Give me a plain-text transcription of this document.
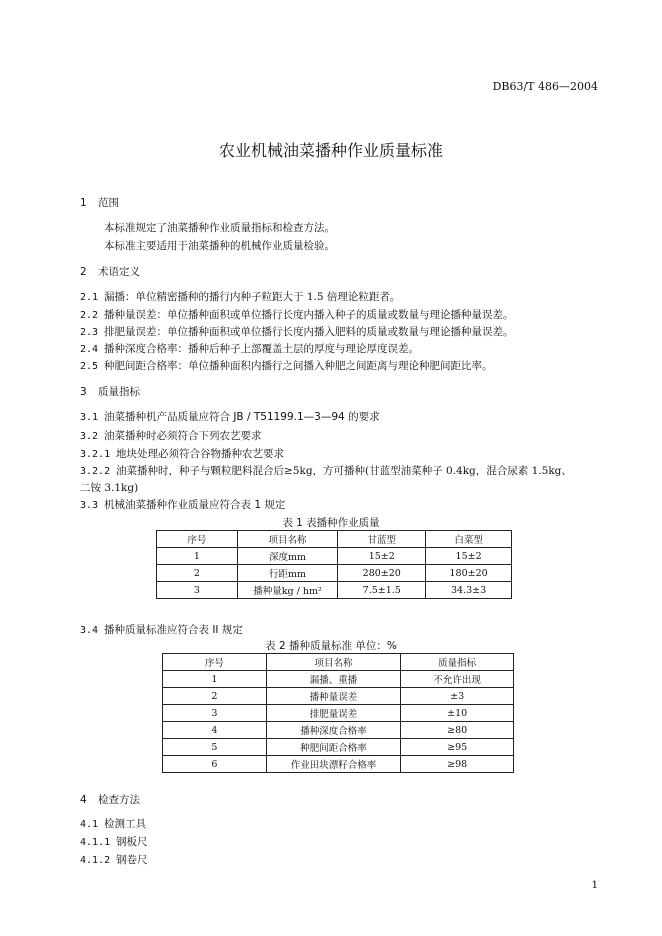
DB63/T 486—2004
农业机械油菜播种作业质量标准
1 范围
本标准规定了油菜播种作业质量指标和检查方法。
本标准主要适用于油菜播种的机械作业质量检验。
2 术语定义
2.1 漏播：单位精密播种的播行内种子粒距大于 1.5 倍理论粒距者。
2.2 播种量误差：单位播种面积或单位播行长度内播入种子的质量或数量与理论播种量误差。
2.3 排肥量误差：单位播种面积或单位播行长度内播入肥料的质量或数量与理论播种量误差。
2.4 播种深度合格率：播种后种子上部覆盖土层的厚度与理论厚度误差。
2.5 种肥间距合格率：单位播种面积内播行之间播入种肥之间距离与理论种肥间距比率。
3 质量指标
3.1 油菜播种机产品质量应符合 JB / T51199.1—3—94 的要求
3.2 油菜播种时必须符合下列农艺要求
3.2.1 地块处理必须符合谷物播种农艺要求
3.2.2 油菜播种时，种子与颗粒肥料混合后≥5kg，方可播种(甘蓝型油菜种子 0.4kg，混合尿素 1.5kg、
二铵 3.1kg)
3.3 机械油菜播种作业质量应符合表 1 规定
表 1 表播种作业质量
序号	项目名称	甘蓝型	白菜型
1	深度mm	15±2	15±2
2	行距mm	280±20	180±20
3	播种量kg / hm²	7.5±1.5	34.3±3
3.4 播种质量标准应符合表 II 规定
表 2 播种质量标准 单位：%
序号	项目名称	质量指标
1	漏播、重播	不允许出现
2	播种量误差	±3
3	排肥量误差	±10
4	播种深度合格率	≥80
5	种肥间距合格率	≥95
6	作业田块漂籽合格率	≥98
4 检查方法
4.1 检测工具
4.1.1 钢板尺
4.1.2 钢卷尺
1
